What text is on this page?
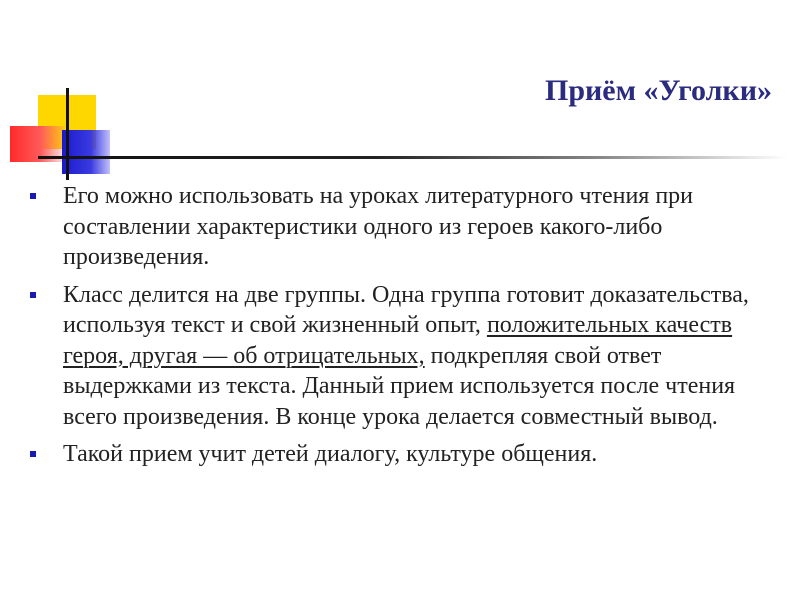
Приём «Уголки»
Его можно использовать на уроках литературного чтения при составлении характеристики одного из героев какого-либо произведения.
Класс делится на две группы. Одна группа готовит доказательства, используя текст и свой жизненный опыт, положительных качеств героя, другая — об отрицательных, подкрепляя свой ответ выдержками из текста. Данный прием используется после чтения всего произведения. В конце урока делается совместный вывод.
Такой прием учит детей диалогу, культуре общения.
